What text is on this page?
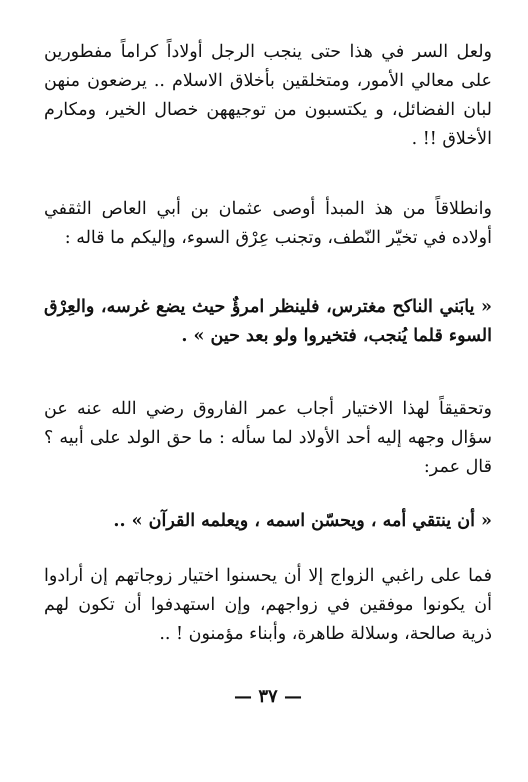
ولعل السر في هذا حتى ينجب الرجل أولاداً كراماً مفطورين على معالي الأمور، ومتخلقين بأخلاق الاسلام .. يرضعون منهن لبان الفضائل، و يكتسبون من توجيههن خصال الخير، ومكارم الأخلاق !! .

وانطلاقاً من هذ المبدأ أوصى عثمان بن أبي العاص الثقفي أولاده في تخيّر النّطف، وتجنب عِرْق السوء، وإليكم ما قاله :

« يابَني الناكح مغترس، فلينظر امرؤٌ حيث يضع غرسه، والعِرْق السوء قلما يُنجب، فتخيروا ولو بعد حين » .

وتحقيقاً لهذا الاختيار أجاب عمر الفاروق رضي الله عنه عن سؤال وجهه إليه أحد الأولاد لما سأله : ما حق الولد على أبيه ؟ قال عمر:

« أن ينتقي أمه ، ويحسّن اسمه ، ويعلمه القرآن » ..

فما على راغبي الزواج إلا أن يحسنوا اختيار زوجاتهم إن أرادوا أن يكونوا موفقين في زواجهم، وإن استهدفوا أن تكون لهم ذرية صالحة، وسلالة طاهرة، وأبناء مؤمنون ! ..

— ٣٧ —
